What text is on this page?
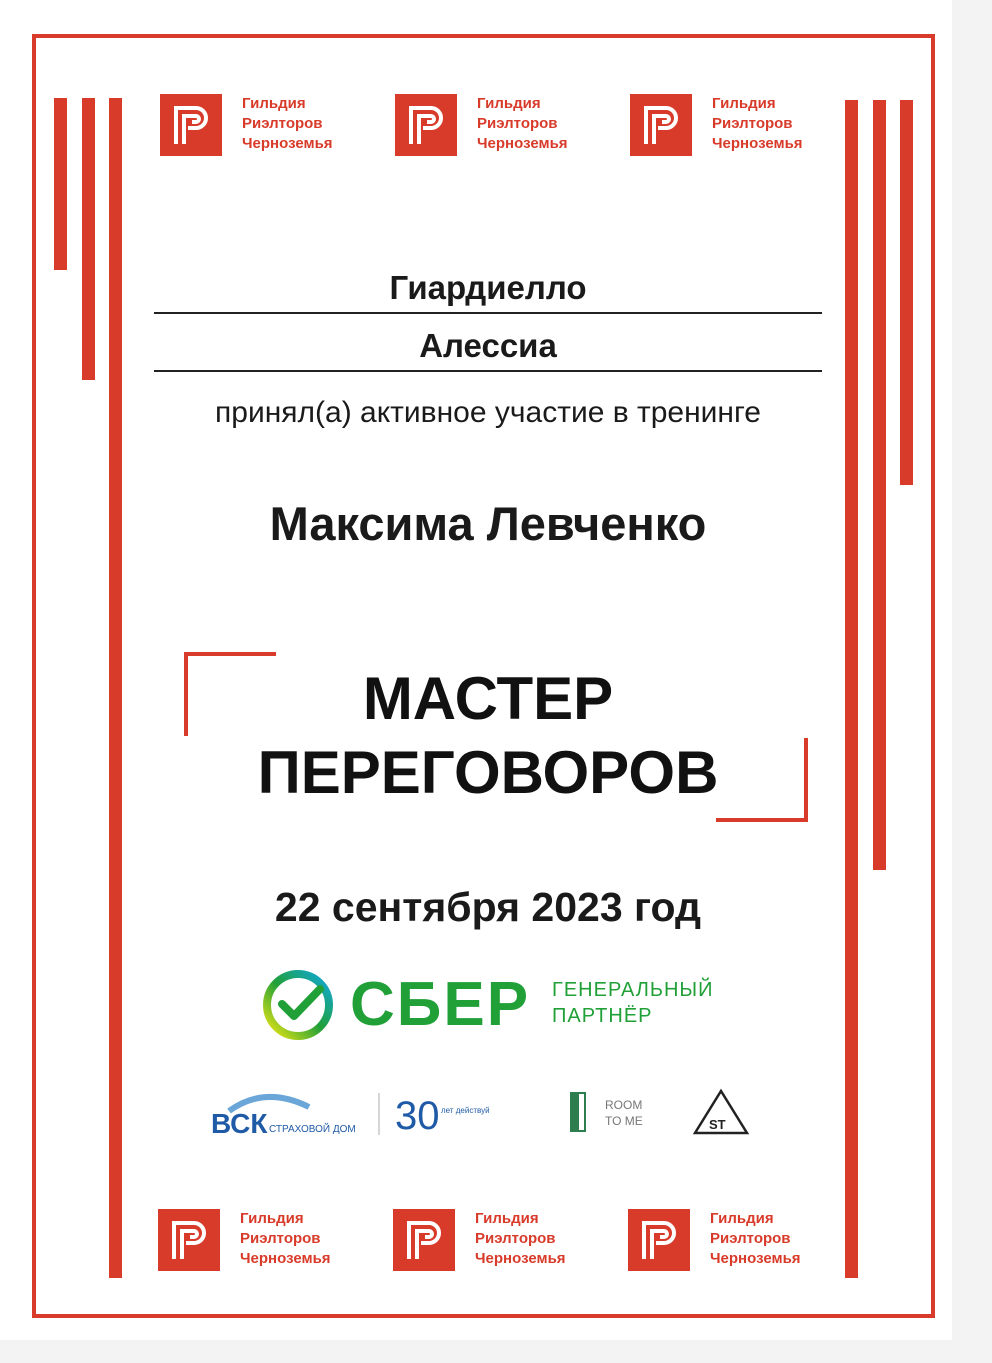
Гильдия
Риэлторов
Черноземья
Гильдия
Риэлторов
Черноземья
Гильдия
Риэлторов
Черноземья
Гиардиелло
Алессиа
принял(а) активное участие в тренинге
Максима Левченко
МАСТЕР
ПЕРЕГОВОРОВ
22 сентября 2023 год
СБЕР ГЕНЕРАЛЬНЫЙ
ПАРТНЁР
ВСК СТРАХОВОЙ ДОМ 30 лет действуй	ROOM
TO ME	ST
Гильдия
Риэлторов
Черноземья
Гильдия
Риэлторов
Черноземья
Гильдия
Риэлторов
Черноземья
